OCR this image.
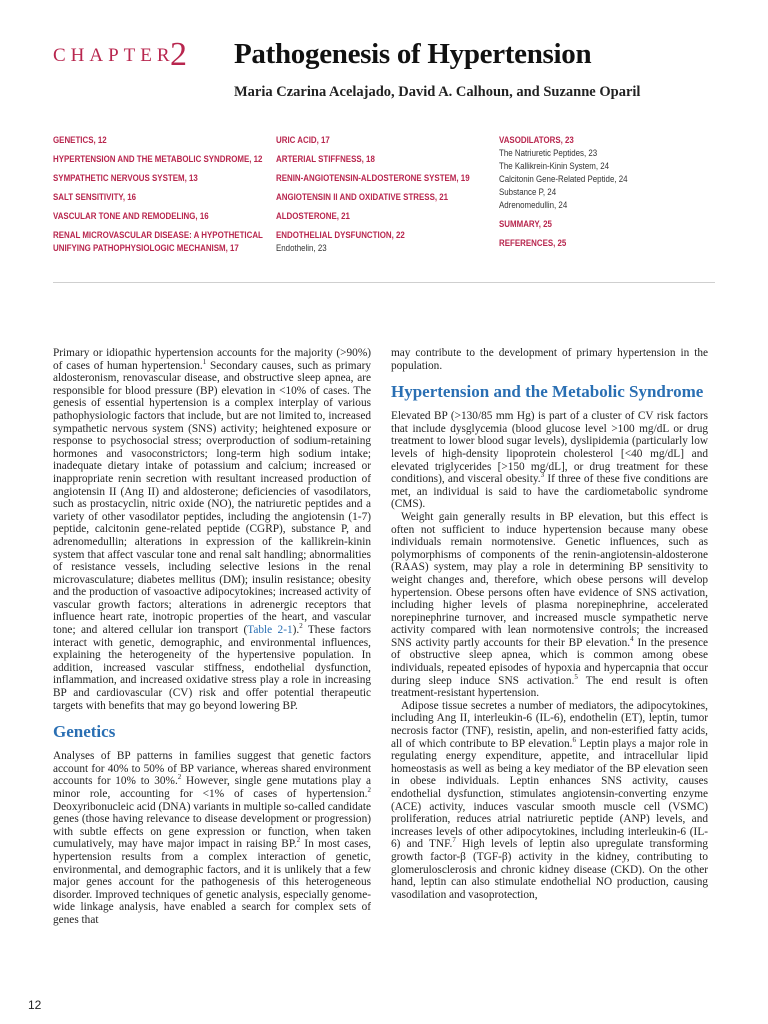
CHAPTER
2 Pathogenesis of Hypertension
Maria Czarina Acelajado, David A. Calhoun, and Suzanne Oparil
GENETICS, 12
HYPERTENSION AND THE METABOLIC SYNDROME, 12
SYMPATHETIC NERVOUS SYSTEM, 13
SALT SENSITIVITY, 16
VASCULAR TONE AND REMODELING, 16
RENAL MICROVASCULAR DISEASE: A HYPOTHETICAL
UNIFYING PATHOPHYSIOLOGIC MECHANISM, 17
URIC ACID, 17
ARTERIAL STIFFNESS, 18
RENIN-ANGIOTENSIN-ALDOSTERONE SYSTEM, 19
ANGIOTENSIN II AND OXIDATIVE STRESS, 21
ALDOSTERONE, 21
ENDOTHELIAL DYSFUNCTION, 22
Endothelin, 23
VASODILATORS, 23
The Natriuretic Peptides, 23
The Kallikrein-Kinin System, 24
Calcitonin Gene-Related Peptide, 24
Substance P, 24
Adrenomedullin, 24
SUMMARY, 25
REFERENCES, 25

Primary or idiopathic hypertension accounts for the majority (>90%) of cases of human hypertension.$^1$ Secondary causes, such as primary aldosteronism, renovascular disease, and obstructive sleep apnea, are responsible for blood pressure (BP) elevation in <10% of cases. The genesis of essential hypertension is a complex interplay of various pathophysiologic factors that include, but are not limited to, increased sympathetic nervous system (SNS) activity; heightened exposure or response to psychosocial stress; overproduction of sodium-retaining hormones and vasoconstrictors; long-term high sodium intake; inadequate dietary intake of potassium and calcium; increased or inappropriate renin secretion with resultant increased production of angiotensin II (Ang II) and aldosterone; deficiencies of vasodilators, such as prostacyclin, nitric oxide (NO), the natriuretic peptides and a variety of other vasodilator peptides, including the angiotensin (1-7) peptide, calcitonin gene-related peptide (CGRP), substance P, and adrenomedullin; alterations in expression of the kallikrein-kinin system that affect vascular tone and renal salt handling; abnormalities of resistance vessels, including selective lesions in the renal microvasculature; diabetes mellitus (DM); insulin resistance; obesity and the production of vasoactive adipocytokines; increased activity of vascular growth factors; alterations in adrenergic receptors that influence heart rate, inotropic properties of the heart, and vascular tone; and altered cellular ion transport (Table 2-1).$^2$ These factors interact with genetic, demographic, and environmental influences, explaining the heterogeneity of the hypertensive population. In addition, increased vascular stiffness, endothelial dysfunction, inflammation, and increased oxidative stress play a role in increasing BP and cardiovascular (CV) risk and offer potential therapeutic targets with benefits that may go beyond lowering BP.

Genetics

Analyses of BP patterns in families suggest that genetic factors account for 40% to 50% of BP variance, whereas shared environment accounts for 10% to 30%.$^2$ However, single gene mutations play a minor role, accounting for <1% of cases of hypertension.$^2$ Deoxyribonucleic acid (DNA) variants in multiple so-called candidate genes (those having relevance to disease development or progression) with subtle effects on gene expression or function, when taken cumulatively, may have major impact in raising BP.$^2$ In most cases, hypertension results from a complex interaction of genetic, environmental, and demographic factors, and it is unlikely that a few major genes account for the pathogenesis of this heterogeneous disorder. Improved techniques of genetic analysis, especially genome-wide linkage analysis, have enabled a search for complex sets of genes that

may contribute to the development of primary hypertension in the population.

Hypertension and the Metabolic Syndrome

Elevated BP (>130/85 mm Hg) is part of a cluster of CV risk factors that include dysglycemia (blood glucose level >100 mg/dL or drug treatment to lower blood sugar levels), dyslipidemia (particularly low levels of high-density lipoprotein cholesterol [<40 mg/dL] and elevated triglycerides [>150 mg/dL], or drug treatment for these conditions), and visceral obesity.$^3$ If three of these five conditions are met, an individual is said to have the cardiometabolic syndrome (CMS).

Weight gain generally results in BP elevation, but this effect is often not sufficient to induce hypertension because many obese individuals remain normotensive. Genetic influences, such as polymorphisms of components of the renin-angiotensin-aldosterone (RAAS) system, may play a role in determining BP sensitivity to weight changes and, therefore, which obese persons will develop hypertension. Obese persons often have evidence of SNS activation, including higher levels of plasma norepinephrine, accelerated norepinephrine turnover, and increased muscle sympathetic nerve activity compared with lean normotensive controls; the increased SNS activity partly accounts for their BP elevation.$^4$ In the presence of obstructive sleep apnea, which is common among obese individuals, repeated episodes of hypoxia and hypercapnia that occur during sleep induce SNS activation.$^5$ The end result is often treatment-resistant hypertension.

Adipose tissue secretes a number of mediators, the adipocytokines, including Ang II, interleukin-6 (IL-6), endothelin (ET), leptin, tumor necrosis factor (TNF), resistin, apelin, and non-esterified fatty acids, all of which contribute to BP elevation.$^6$ Leptin plays a major role in regulating energy expenditure, appetite, and intracellular lipid homeostasis as well as being a key mediator of the BP elevation seen in obese individuals. Leptin enhances SNS activity, causes endothelial dysfunction, stimulates angiotensin-converting enzyme (ACE) activity, induces vascular smooth muscle cell (VSMC) proliferation, reduces atrial natriuretic peptide (ANP) levels, and increases levels of other adipocytokines, including interleukin-6 (IL-6) and TNF.$^7$ High levels of leptin also upregulate transforming growth factor-β (TGF-β) activity in the kidney, contributing to glomerulosclerosis and chronic kidney disease (CKD). On the other hand, leptin can also stimulate endothelial NO production, causing vasodilation and vasoprotection,

12
